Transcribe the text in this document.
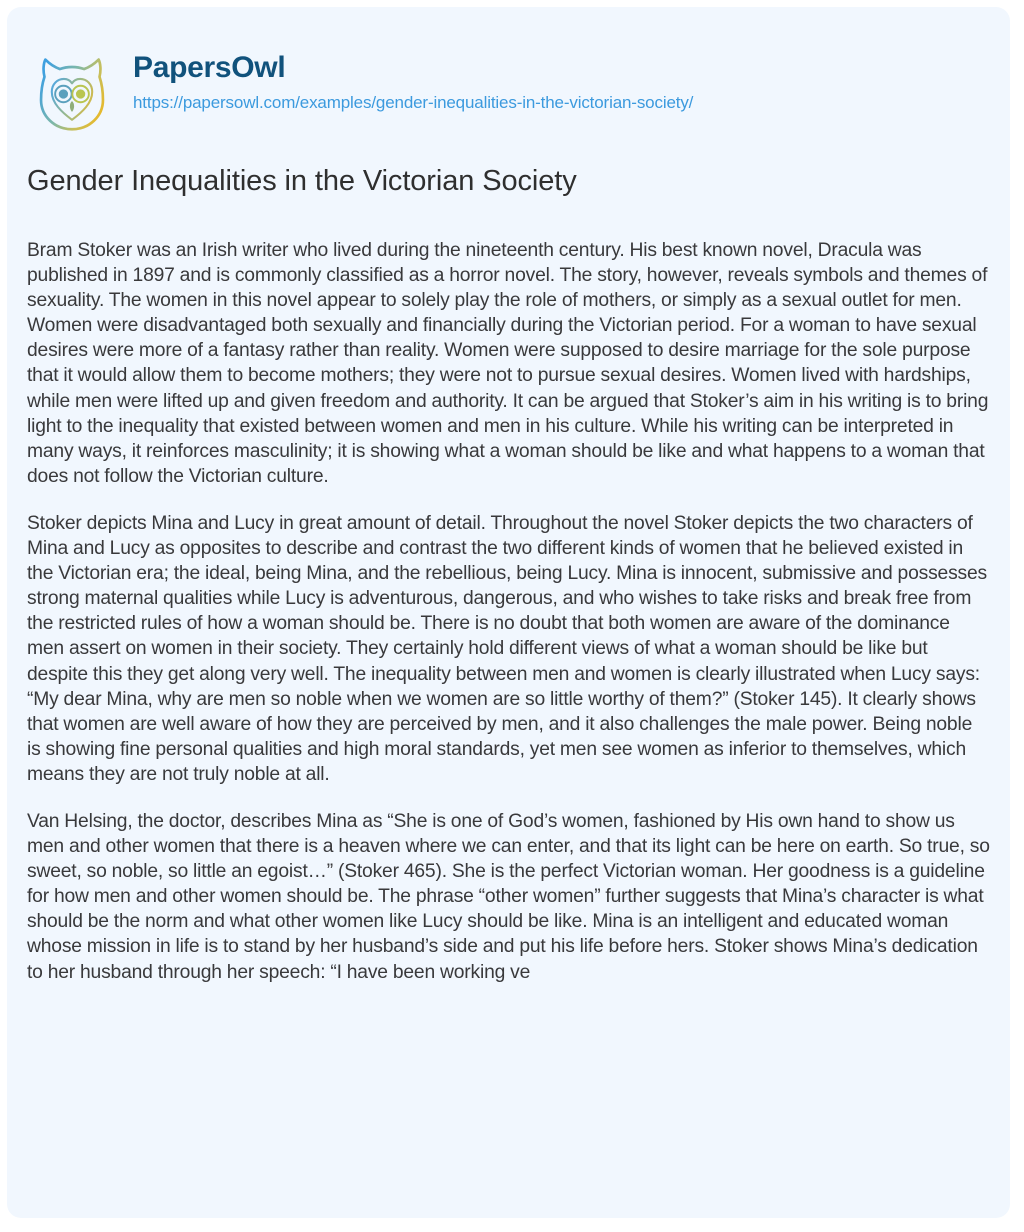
PapersOwl
https://papersowl.com/examples/gender-inequalities-in-the-victorian-society/
Gender Inequalities in the Victorian Society

Bram Stoker was an Irish writer who lived during the nineteenth century. His best known novel, Dracula was published in 1897 and is commonly classified as a horror novel. The story, however, reveals symbols and themes of sexuality. The women in this novel appear to solely play the role of mothers, or simply as a sexual outlet for men. Women were disadvantaged both sexually and financially during the Victorian period. For a woman to have sexual desires were more of a fantasy rather than reality. Women were supposed to desire marriage for the sole purpose that it would allow them to become mothers; they were not to pursue sexual desires. Women lived with hardships, while men were lifted up and given freedom and authority. It can be argued that Stoker’s aim in his writing is to bring light to the inequality that existed between women and men in his culture. While his writing can be interpreted in many ways, it reinforces masculinity; it is showing what a woman should be like and what happens to a woman that does not follow the Victorian culture.

Stoker depicts Mina and Lucy in great amount of detail. Throughout the novel Stoker depicts the two characters of Mina and Lucy as opposites to describe and contrast the two different kinds of women that he believed existed in the Victorian era; the ideal, being Mina, and the rebellious, being Lucy. Mina is innocent, submissive and possesses strong maternal qualities while Lucy is adventurous, dangerous, and who wishes to take risks and break free from the restricted rules of how a woman should be. There is no doubt that both women are aware of the dominance men assert on women in their society. They certainly hold different views of what a woman should be like but despite this they get along very well. The inequality between men and women is clearly illustrated when Lucy says: “My dear Mina, why are men so noble when we women are so little worthy of them?” (Stoker 145). It clearly shows that women are well aware of how they are perceived by men, and it also challenges the male power. Being noble is showing fine personal qualities and high moral standards, yet men see women as inferior to themselves, which means they are not truly noble at all.

Van Helsing, the doctor, describes Mina as “She is one of God’s women, fashioned by His own hand to show us men and other women that there is a heaven where we can enter, and that its light can be here on earth. So true, so sweet, so noble, so little an egoist…” (Stoker 465). She is the perfect Victorian woman. Her goodness is a guideline for how men and other women should be. The phrase “other women” further suggests that Mina’s character is what should be the norm and what other women like Lucy should be like. Mina is an intelligent and educated woman whose mission in life is to stand by her husband’s side and put his life before hers. Stoker shows Mina’s dedication to her husband through her speech: “I have been working ve
